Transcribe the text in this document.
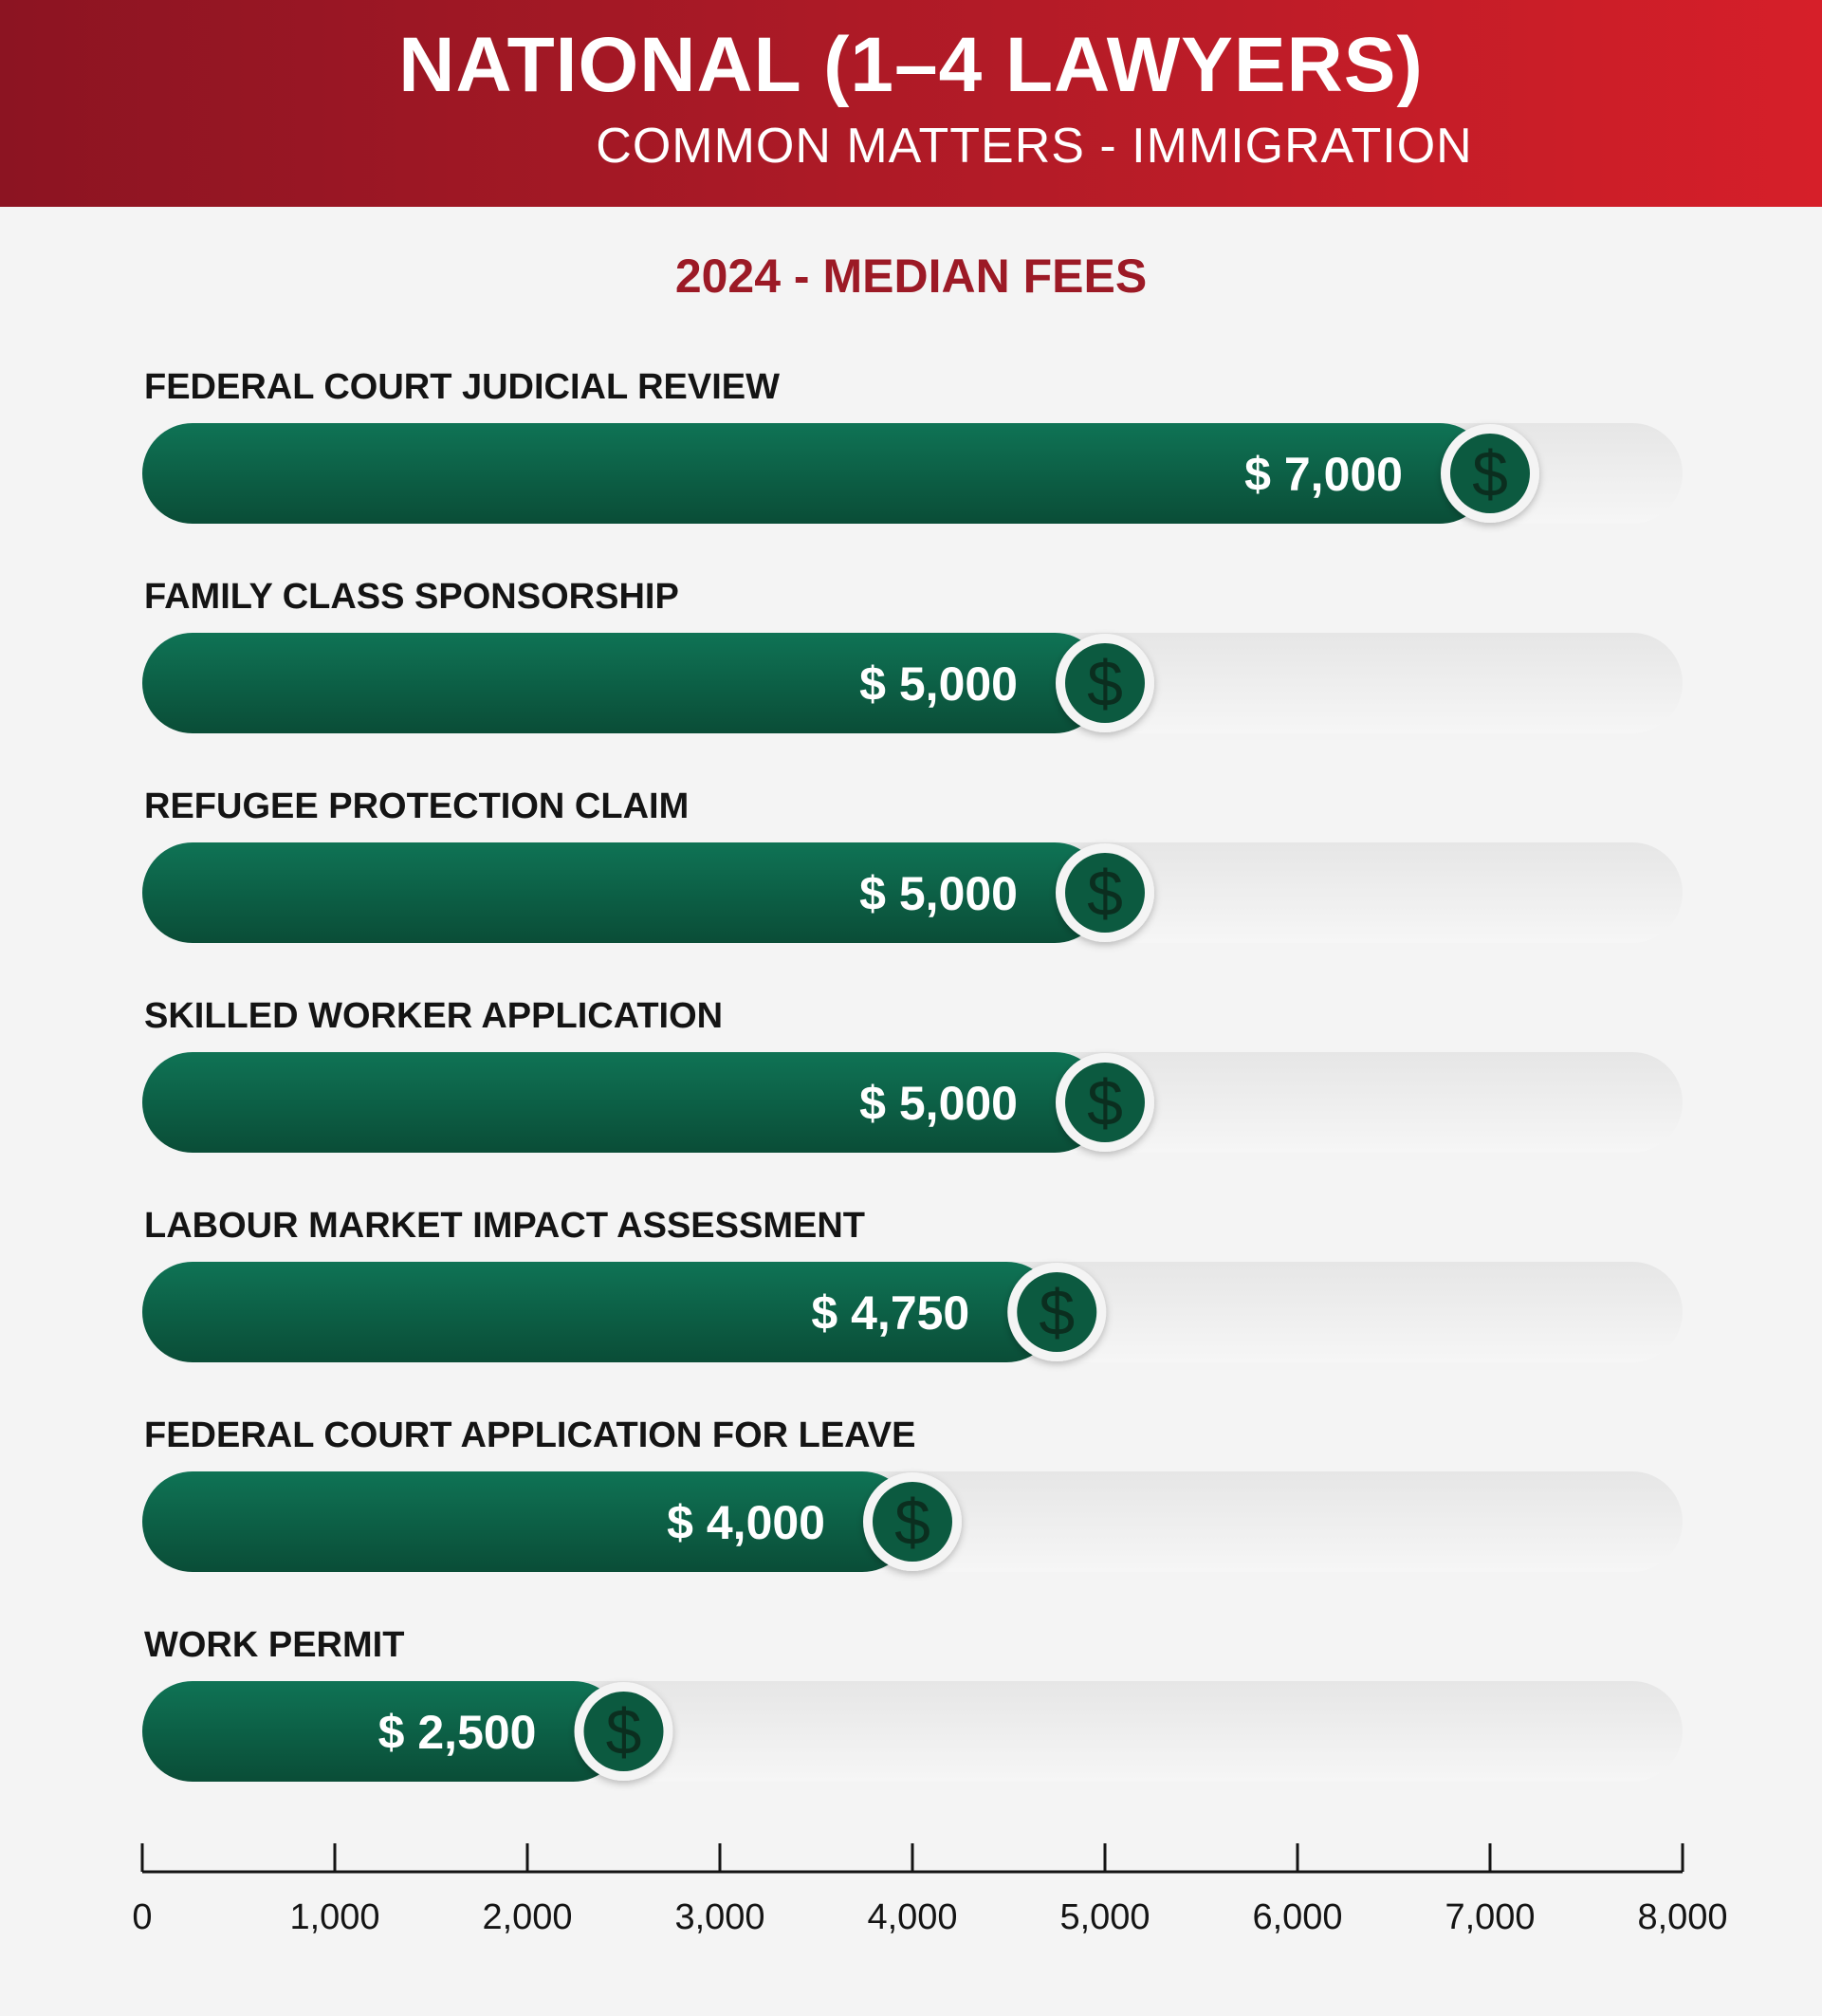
NATIONAL (1–4 LAWYERS)
COMMON MATTERS - IMMIGRATION
2024 - MEDIAN FEES
FEDERAL COURT JUDICIAL REVIEW
$ 7,000 $
FAMILY CLASS SPONSORSHIP
$ 5,000 $
REFUGEE PROTECTION CLAIM
$ 5,000 $
SKILLED WORKER APPLICATION
$ 5,000 $
LABOUR MARKET IMPACT ASSESSMENT
$ 4,750 $
FEDERAL COURT APPLICATION FOR LEAVE
$ 4,000 $
WORK PERMIT
$ 2,500 $
0	1,000	2,000	3,000	4,000	5,000	6,000	7,000	8,000
